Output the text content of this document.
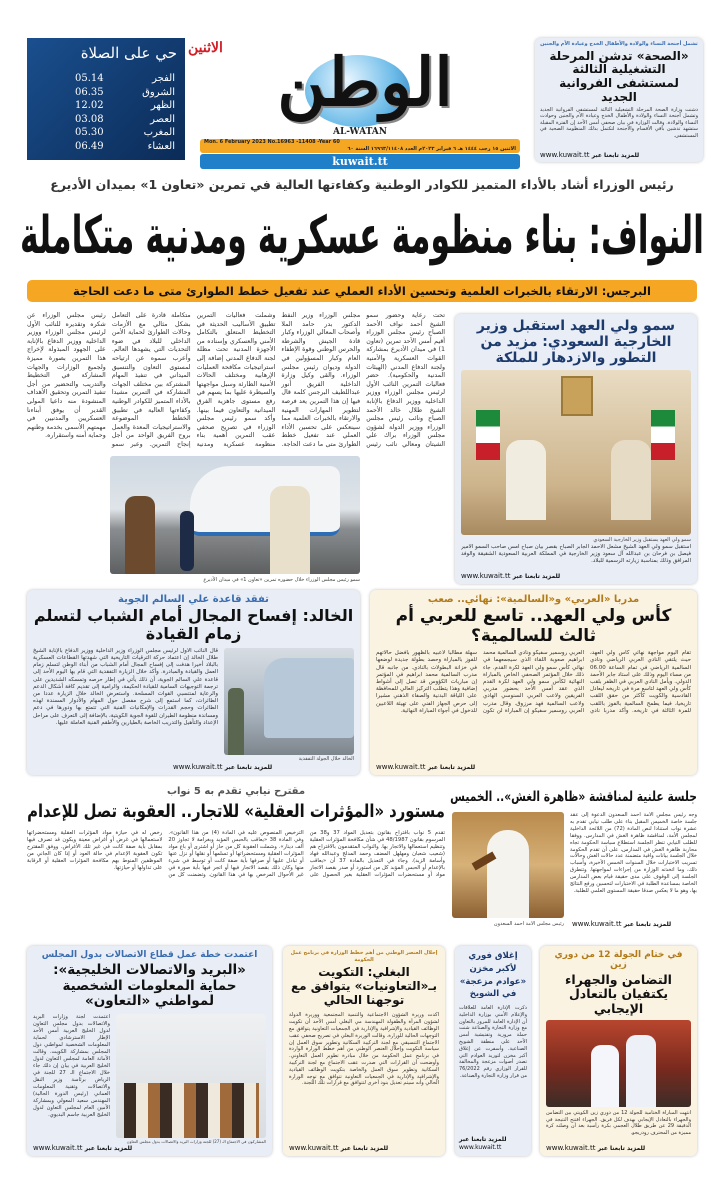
حي على الصلاة
05.14	الفجر
06.35	الشروق
12.02	الظهر
03.08	العصر
05.30	المغرب
06.49	العشاء
الاثنين الوطن
AL-WATAN
Mon. 6 February 2023 No.16963 -11408 -Year 60
الاثنين ١٥ رجب ١٤٤٤ هـ ٦ فبراير ٢٠٢٣م العدد ١٦٩٦٣/١١٤٠٨ السنة ٦٠
kuwait.tt
تشمل أجنحة النساء والولادة والأطفال الخدج وعيادة الأم والجنين
«الصحة» تدشن المرحلة التشغيلية الثالثة لمستشفى الفروانية الجديد
دشنت وزارة الصحة المرحلة التشغيلية الثالثة لمستشفى الفروانية الجديد وتشمل أجنحة النساء والولادة والأطفال الخدج وعيادة الأم والجنين وحوادث النساء والولادة. وقالت الوزارة في بيان صحفي أمس الأحد إن الفترة المقبلة ستشهد تدشين باقي الأقسام والأجنحة لتكتمل بذلك المنظومة الصحية في المستشفى.
للمزيد تابعنا عبر www.kuwait.tt
رئيس الوزراء أشاد بالأداء المتميز للكوادر الوطنية وكفاءتها العالية في تمرين «تعاون 1» بميدان الأديرع
النواف: بناء منظومة عسكرية ومدنية متكاملة
البرجس: الارتقاء بالخبرات العلمية وتحسين الأداء العملي عند تفعيل خطط الطوارئ متى ما دعت الحاجة
تحت رعاية وحضور سمو الشيخ أحمد نواف الأحمد الصباح رئيس مجلس الوزراء أقيم أمس الأحد تمرين (تعاون 1) في ميدان الأديرع بمشاركة القوات العسكرية والأمنية ولجنة الدفاع المدني (الهيئات المدنية والحكومية). حضر فعاليات التمرين النائب الأول لرئيس مجلس الوزراء ووزير الداخلية ووزير الدفاع بالإنابة الشيخ طلال خالد الأحمد الصباح ونائب رئيس مجلس الوزراء ووزير الدولة لشؤون مجلس الوزراء براك علي الشيتان ومعالي نائب رئيس مجلس الوزراء وزير النفط الدكتور بدر حامد الملا وأصحاب المعالي الوزراء وكبار قادة الجيش والشرطة والحرس الوطني وقوة الإطفاء العام وكبار المسؤولين في الدولة وديوان رئيس مجلس الوزراء. والقى وكيل وزارة الداخلية الفريق أنور عبداللطيف البرجس كلمة قال فيها إن هذا التمرين يعد فرصة لتطوير المهارات المهنية والارتقاء بالخبرات العلمية مما سينعكس على تحسين الأداء العملي عند تفعيل خطط الطوارئ متى ما دعت الحاجة. وشملت فعاليات التمرين تطبيق الأساليب الحديثة في التخطيط المتعلق بالتكامل الأمني والعسكري وإسناده من الأجهزة المدنية تحت مظلة لجنة الدفاع المدني إضافة إلى استراتيجيات مكافحة العمليات الإرهابية ومختلف الحالات الأمنية الطارئة وسبل مواجهتها والسيطرة عليها بما يسهم في رفع مستوى جاهزية الفرق الميدانية والتعاون فيما بينها. وأكد سمو رئيس مجلس الوزراء في تصريح صحفي عقب التمرين أهمية بناء منظومة عسكرية ومدنية متكاملة قادرة على التعامل بشكل مثالي مع الأزمات وحالات الطوارئ لحماية الأمن الداخلي للبلاد في ضوء التحديات التي يشهدها العالم. وأعرب سموه عن ارتياحه لمستوى التعاون والتنسيق الميداني في تنفيذ المهام المشتركة بين مختلف الجهات المشاركة في التمرين مشيدا بالأداء المتميز للكوادر الوطنية وكفاءتها العالية في تطبيق الخطط الموضوعة والاستراتيجيات المعدة والعمل بروح الفريق الواحد من أجل إنجاح التمرين. وعبر سمو رئيس مجلس الوزراء عن شكره وتقديره للنائب الأول لرئيس مجلس الوزراء ووزير الداخلية ووزير الدفاع بالإنابة على الجهود المبذولة لإخراج هذا التمرين بصورة مميزة ولجميع الوزارات والجهات المشاركة في التخطيط والتدريب والتحضير من أجل تنفيذ التمرين وتحقيق الأهداف المنشودة منه داعيا المولى القدير أن يوفق أبناءنا العسكريين والمدنيين في مهمتهم الأسمى بخدمة وطنهم وحماية أمنه واستقراره.
سمو رئيس مجلس الوزراء خلال حضوره تمرين «تعاون 1» في ميدان الأديرع
سمو ولي العهد استقبل وزير الخارجية السعودي: مزيد من التطور والازدهار للملكة
سمو ولي العهد يستقبل وزير الخارجية السعودي
استقبل سمو ولي العهد الشيخ مشعل الأحمد الجابر الصباح بقصر بيان صباح أمس صاحب السمو الأمير فيصل بن فرحان بن عبدالله آل سعود وزير الخارجية في المملكة العربية السعودية الشقيقة والوفد المرافق وذلك بمناسبة زيارته الرسمية للبلاد.
للمزيد تابعنا عبر www.kuwait.tt
تفقد قاعدة علي السالم الجوية
الخالد: إفساح المجال أمام الشباب لتسلم زمام القيادة
قال النائب الأول لرئيس مجلس الوزراء وزير الداخلية ووزير الدفاع بالإنابة الشيخ طلال الخالد إن اعتماد حركة الترقيات التاريخية التي شهدتها القطاعات العسكرية بالبلاد أخيرا هدفت إلى إفساح المجال أمام الشباب من أبناء الوطن لتسلم زمام العمل والقيادة والمبادرة. وأكد خلال الزيارة التفقدية التي قام بها اليوم الأحد إلى قاعدة علي السالم الجوية، أن ذلك يأتي في إطار حرصه وتمسكه الشديدين على ترجمة التوجيهات السامية للقيادة الحكيمة، والرامية إلى تقديم كافة أشكال الدعم والرعاية لمنتسبي القوات المسلحة. واستعرض الخالد خلال الزيارة عددا من الطائرات، كما استمع إلى شرح مفصل حول المهام والأدوار المسندة لهذه الطائرات وحجم القدرات والإمكانيات الفنية التي تتمتع بها ودورها في دعم ومساندة منظومة الطيران للقوة الجوية الكويتية، بالإضافة إلى التعرف على مراحل الإعداد والتأهيل والتدريب الخاصة بالطيارين والأطقم الفنية العاملة عليها.
الخالد خلال الجولة التفقدية
للمزيد تابعنا عبر www.kuwait.tt
مدربا «العربي» و«السالمية»: نهائي.. صعب
كأس ولي العهد.. تاسع للعربي أم ثالث للسالمية؟
تقام اليوم مواجهة نهائي كأس ولي العهد، حيث يلتقي النادي العربي الرياضي ونادي السالمية الرياضي في تمام الساعة 06.00 من مساء اليوم وذلك على استاد جابر الأحمد الدولي. ويأمل النادي العربي في الظفر بلقب كأس ولي العهد لتاسع مرة في تاريخه ليعادل القادسية والكويت كأكثر من حقق اللقب تاريخيا، فيما يطمح السالمية بالفوز باللقب للمرة الثالثة في تاريخه. وأكد مدربا نادي العربي روسمير سفيكو ونادي السالمية محمد ابراهيم صعوبة اللقاء الذي سيجمعهما في نهائي كأس سمو ولي العهد لكرة القدم. جاء ذلك خلال المؤتمر الصحفي الخاص بالمباراة النهائية لكأس سمو ولي العهد لكرة القدم الذي عقد أمس الأحد بحضور مدربي الفريقين ولاعب العربي السنوسي الهادي ولاعب السالمية فهد مرزوق. وقال مدرب العربي روسمير سفيكو إن المباراة لن تكون سهلة مطالبا لاعبيه بالظهور بأفضل حالاتهم للفوز بالمباراة وحصد بطولة جديدة لوضعها في خزانة البطولات بالنادي. من جانبه قال مدرب السالمية محمد ابراهيم في المؤتمر إن مباريات الكؤوس قد تصل إلى أشواط إضافية وهذا يتطلب التركيز العالي للمحافظة على اللياقة البدنية والصفاء الذهني مشيرا إلى حرص الجهاز الفني على تهيئة اللاعبين للدخول في أجواء المباراة النهائية.
للمزيد تابعنا عبر www.kuwait.tt
جلسة علنية لمناقشة «ظاهرة الغش».. الخميس
رئيس مجلس الأمة أحمد السعدون
وجه رئيس مجلس الأمة أحمد السعدون الدعوة إلى عقد جلسة خاصة الخميس المقبل بناء على طلب نيابي تقدم به عشرة نواب استنادا لنص المادة (72) من اللائحة الداخلية لمجلس الأمة، لمناقشة ظاهرة الغش في المدارس. ووفقا للطلب النيابي تنظر الجلسة استطلاع سياسة الحكومة تجاه محاربة ظاهرة الغش في المدارس، على أن تقدم الحكومة خلال الجلسة بيانات وافية متضمنة عدد حالات الغش وحالات تسريب الاختبارات خلال السنوات الخمس الأخيرة، وأسباب ذلك، وما اتخذته الوزارة من إجراءات لمواجهتها. وتتطرق الجلسة إلى الوقوف على مدى حقيقة قيام بعض المدارس الخاصة بمساعدة الطلبة في الاختبارات لتحسين ورفع النتائج بها، وهو ما لا يعكس صدقا حقيقة المستوى العلمي للطلبة.
للمزيد تابعنا عبر www.kuwait.tt
مقترح نيابي تقدم به 5 نواب
مستورد «المؤثرات العقلية» للاتجار.. العقوبة تصل للإعدام
تقدم 5 نواب باقتراح بقانون بتعديل المواد 37 و38 من المرسوم بقانون 48/1987 في شأن مكافحة المؤثرات العقلية وتنظيم استعمالها والاتجار بها. والنواب المتقدمون بالاقتراح هم (شعيب شعبان ومهلهل المضف وحمد المدلج وعبدالله فهاد وأسامة الزيد). وجاء في التعديل بالمادة 37 أن «يعاقب بالإعدام أو الحبس المؤبد كل من استورد أو صدر بقصد الاتجار مواد أو مستحضرات المؤثرات العقلية بغير الحصول على الترخيص المنصوص عليه في المادة (4) من هذا القانون». وفي المادة 38 «يعاقب بالحبس المؤبد وبغرامة لا تجاوز 20 ألف دينار». وشملت العقوبة كل من حاز أو اشترى أو باع مواد المؤثرات العقلية ومستحضراتها أو تسلمها أو نقلها أو نزل عنها أو تبادل عليها أو صرفها بأية صفة كانت أو توسط في شيء منها وكان ذلك بقصد الاتجار فيها أو اتجر فيها بأية صورة في غير الأحوال المرخص بها في هذا القانون. وتضمنت كل من رخص له في حيازة مواد المؤثرات العقلية ومستحضراتها لاستعمالها في غرض أو أغراض معينة ويكون قد تصرف فيها بمقابل بأية صفة كانت في غير تلك الأغراض. ووفق المقترح تكون العقوبة الإعدام في حالة العود أو إذا كان الجاني من الموظفين المنوط بهم مكافحة المؤثرات العقلية أو الرقابة على تداولها أو حيازتها.
اعتمدت خطة عمل قطاع الاتصالات بدول المجلس
«البريد والاتصالات الخليجية»: حماية المعلومات الشخصية لمواطني «التعاون»
اعتمدت لجنة وزارات البريد والاتصالات بدول مجلس التعاون لدول الخليج العربية أمس الأحد الإطار الاسترشادي لحماية المعلومات الشخصية لمواطني دول المجلس بمشاركة الكويت. وقالت الأمانة العامة لمجلس التعاون لدول الخليج العربية في بيان إن ذلك جاء خلال الاجتماع الـ 27 للجنة في الرياض برئاسة وزير النقل والاتصالات وتقنية المعلومات العماني (رئيس الدورة الحالية) المهندس سعيد المعولي وبمشاركة الأمين العام لمجلس التعاون لدول الخليج العربية جاسم البديوي.
المشاركون في الاجتماع الـ (27) للجنة وزارات البريد والاتصالات بدول مجلس التعاون
للمزيد تابعنا عبر www.kuwait.tt
إحلال العنصر الوطني من أهم خطط الوزارة في برنامج عمل الحكومة
البغلي: التكويت بـ«التعاونيات» يتوافق مع توجهنا الحالي
أكدت وزيرة الشؤون الاجتماعية والتنمية المجتمعية ووزيرة الدولة لشؤون المرأة والطفولة المهندسة مي البغلي أمس الأحد أن تكويت الوظائف القيادية والإشرافية والإدارية في الجمعيات التعاونية يتوافق مع التوجهات الحالية للوزارة. وقالت الوزيرة البغلي في تصريح صحفي عقب الاجتماع التنسيقي مع لجنة التركيبة السكانية وتطوير سوق العمل إن سياسة التكويت وإحلال العنصر الوطني من أهم خطط الوزارة الواردة في برنامج عمل الحكومة من خلال مبادرة تطوير العمل التعاوني. وأوضحت أن القرارات التي صدرت عقب الاجتماع مع لجنة التركيبة السكانية وتطوير سوق العمل والخاصة بتكويت الوظائف القيادية والإشرافية والإدارية في الجمعيات التعاونية تتوافق مع توجه الوزارة الحالي وأنه سيتم تعديل بنود أخرى لتتوافق مع قرارات تلك اللجنة.
للمزيد تابعنا عبر www.kuwait.tt
إغلاق فوري لأكبر مخزن «عوادم مزعجة» في الشويخ
ذكرت الإدارة العامة للعلاقات والإعلام الأمني بوزارة الداخلية أن الإدارة العامة للمرور بالتعاون مع وزارة التجارة والصناعة شنت حملة مرورية وتفتيشية أمس الأحد على منطقة الشويخ الصناعية. وأسفرت عن إغلاق أكبر مخزن لتوريد العوادم التي تصدر أصوات مزعجة والمخالفة للقرار الوزاري رقم 76/2022 من قرار وزارة التجارة والصناعة.
للمزيد تابعنا عبر
www.kuwait.tt
في ختام الجولة 12 من دوري زين
التضامن والجهراء يكتفيان بالتعادل الإيجابي
انتهت المباراة الختامية للجولة 12 من دوري زين الكويتي بين التضامن والجهراء بالتعادل الإيجابي بهدف لكل فريق. الجهراء افتتح النتيجة في الدقيقة 29 عن طريق طلال العجمي بكرة رأسية بعد أن وصلته كرة مميزة من المحترف رودريجو.
للمزيد تابعنا عبر www.kuwait.tt
